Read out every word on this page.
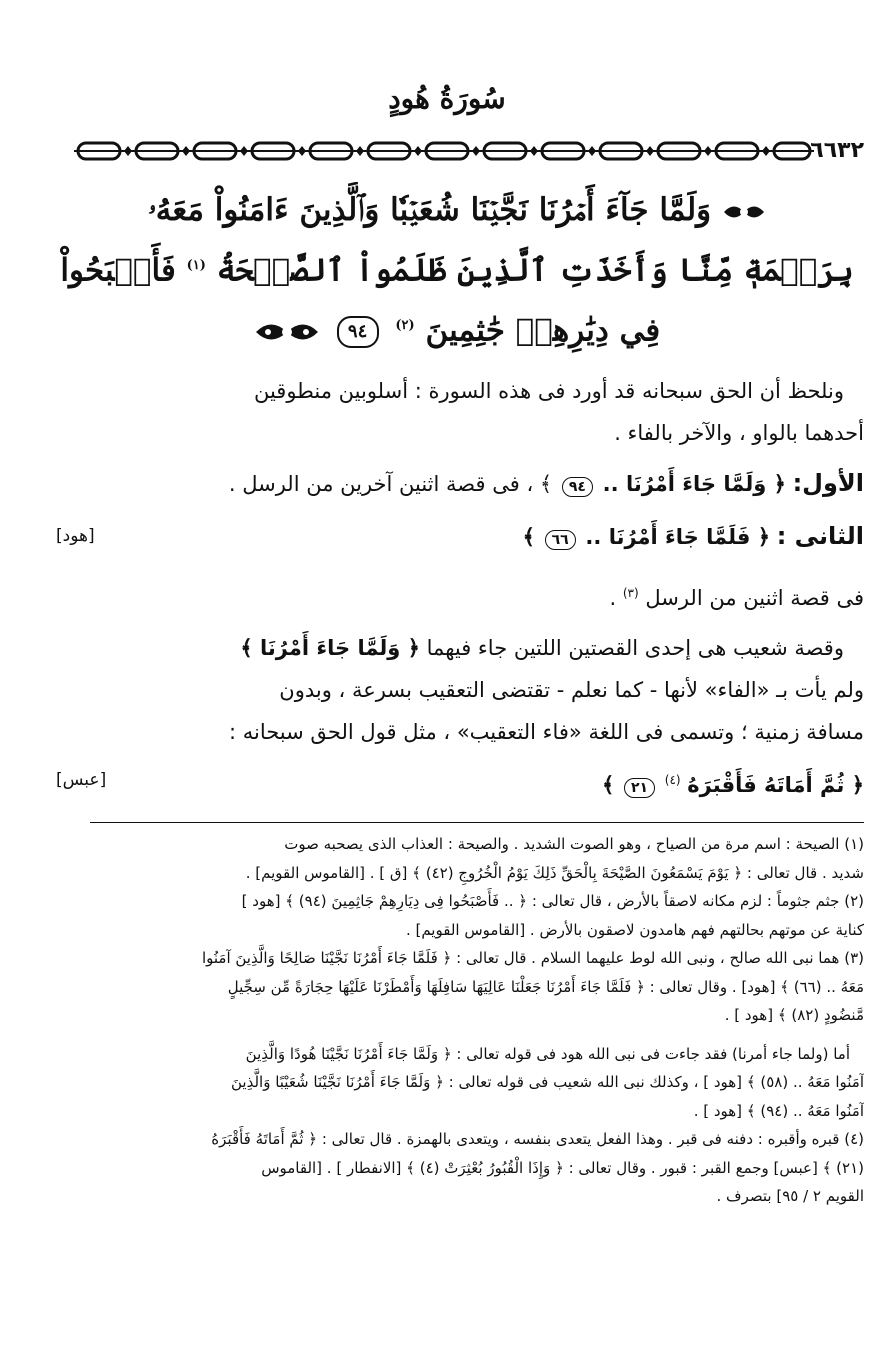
سُورَةُ هُودٍ
٦٦٣٢
وَلَمَّا جَآءَ أَمۡرُنَا نَجَّيۡنَا شُعَيۡبٗا وَٱلَّذِينَ ءَامَنُواْ مَعَهُۥ
بِرَحۡمَةٖ مِّنَّا وَأَخَذَتِ ٱلَّذِينَ ظَلَمُواْ ٱلصَّيۡحَةُ $^{(١)}$ فَأَصۡبَحُواْ
فِي دِيَٰرِهِمۡ جَٰثِمِينَ $^{(٢)}$ ٩٤
ونلحظ أن الحق سبحانه قد أورد فى هذه السورة : أسلوبين منطوقين
أحدهما بالواو ، والآخر بالفاء .
الأول: ﴿ وَلَمَّا جَاءَ أَمْرُنَا .. ٩٤ ﴾ ، فى قصة اثنين آخرين من الرسل .
الثانى : ﴿ فَلَمَّا جَاءَ أَمْرُنَا .. ٦٦ ﴾
[هود]
فى قصة اثنين من الرسل $^{(٣)}$ .
وقصة شعيب هى إحدى القصتين اللتين جاء فيهما ﴿ وَلَمَّا جَاءَ أَمْرُنَا ﴾
ولم يأت بـ «الفاء» لأنها - كما نعلم - تقتضى التعقيب بسرعة ، وبدون
مسافة زمنية ؛ وتسمى فى اللغة «فاء التعقيب» ، مثل قول الحق سبحانه :
﴿ ثُمَّ أَمَاتَهُ فَأَقْبَرَهُ $^{(٤)}$ ٢١ ﴾
[عبس]
(١) الصيحة : اسم مرة من الصياح ، وهو الصوت الشديد . والصيحة : العذاب الذى يصحبه صوت
شديد . قال تعالى : ﴿ يَوْمَ يَسْمَعُونَ الصَّيْحَةَ بِالْحَقِّ ذَلِكَ يَوْمُ الْخُرُوجِ (٤٢) ﴾ [ق ] . [القاموس القويم] .
(٢) جثم جثوماً : لزم مكانه لاصقاً بالأرض ، قال تعالى : ﴿ .. فَأَصْبَحُوا فِى دِيَارِهِمْ جَاثِمِينَ (٩٤) ﴾ [هود ]
كناية عن موتهم بحالتهم فهم هامدون لاصقون بالأرض . [القاموس القويم] .
(٣) هما نبى الله صالح ، ونبى الله لوط عليهما السلام . قال تعالى : ﴿ فَلَمَّا جَاءَ أَمْرُنَا نَجَّيْنَا صَالِحًا وَالَّذِينَ آمَنُوا
مَعَهُ .. (٦٦) ﴾ [هود] . وقال تعالى : ﴿ فَلَمَّا جَاءَ أَمْرُنَا جَعَلْنَا عَالِيَهَا سَافِلَهَا وَأَمْطَرْنَا عَلَيْهَا حِجَارَةً مِّن سِجِّيلٍ
مَّنضُودٍ (٨٢) ﴾ [هود ] .
أما (ولما جاء أمرنا) فقد جاءت فى نبى الله هود فى قوله تعالى : ﴿ وَلَمَّا جَاءَ أَمْرُنَا نَجَّيْنَا هُودًا وَالَّذِينَ
آمَنُوا مَعَهُ .. (٥٨) ﴾ [هود ] ، وكذلك نبى الله شعيب فى قوله تعالى : ﴿ وَلَمَّا جَاءَ أَمْرُنَا نَجَّيْنَا شُعَيْبًا وَالَّذِينَ
آمَنُوا مَعَهُ .. (٩٤) ﴾ [هود ] .
(٤) قبره وأقبره : دفنه فى قبر . وهذا الفعل يتعدى بنفسه ، ويتعدى بالهمزة . قال تعالى : ﴿ ثُمَّ أَمَاتَهُ فَأَقْبَرَهُ
(٢١) ﴾ [عبس] وجمع القبر : قبور . وقال تعالى : ﴿ وَإِذَا الْقُبُورُ بُعْثِرَتْ (٤) ﴾ [الانفطار ] . [القاموس
القويم ٢ / ٩٥] بتصرف .
